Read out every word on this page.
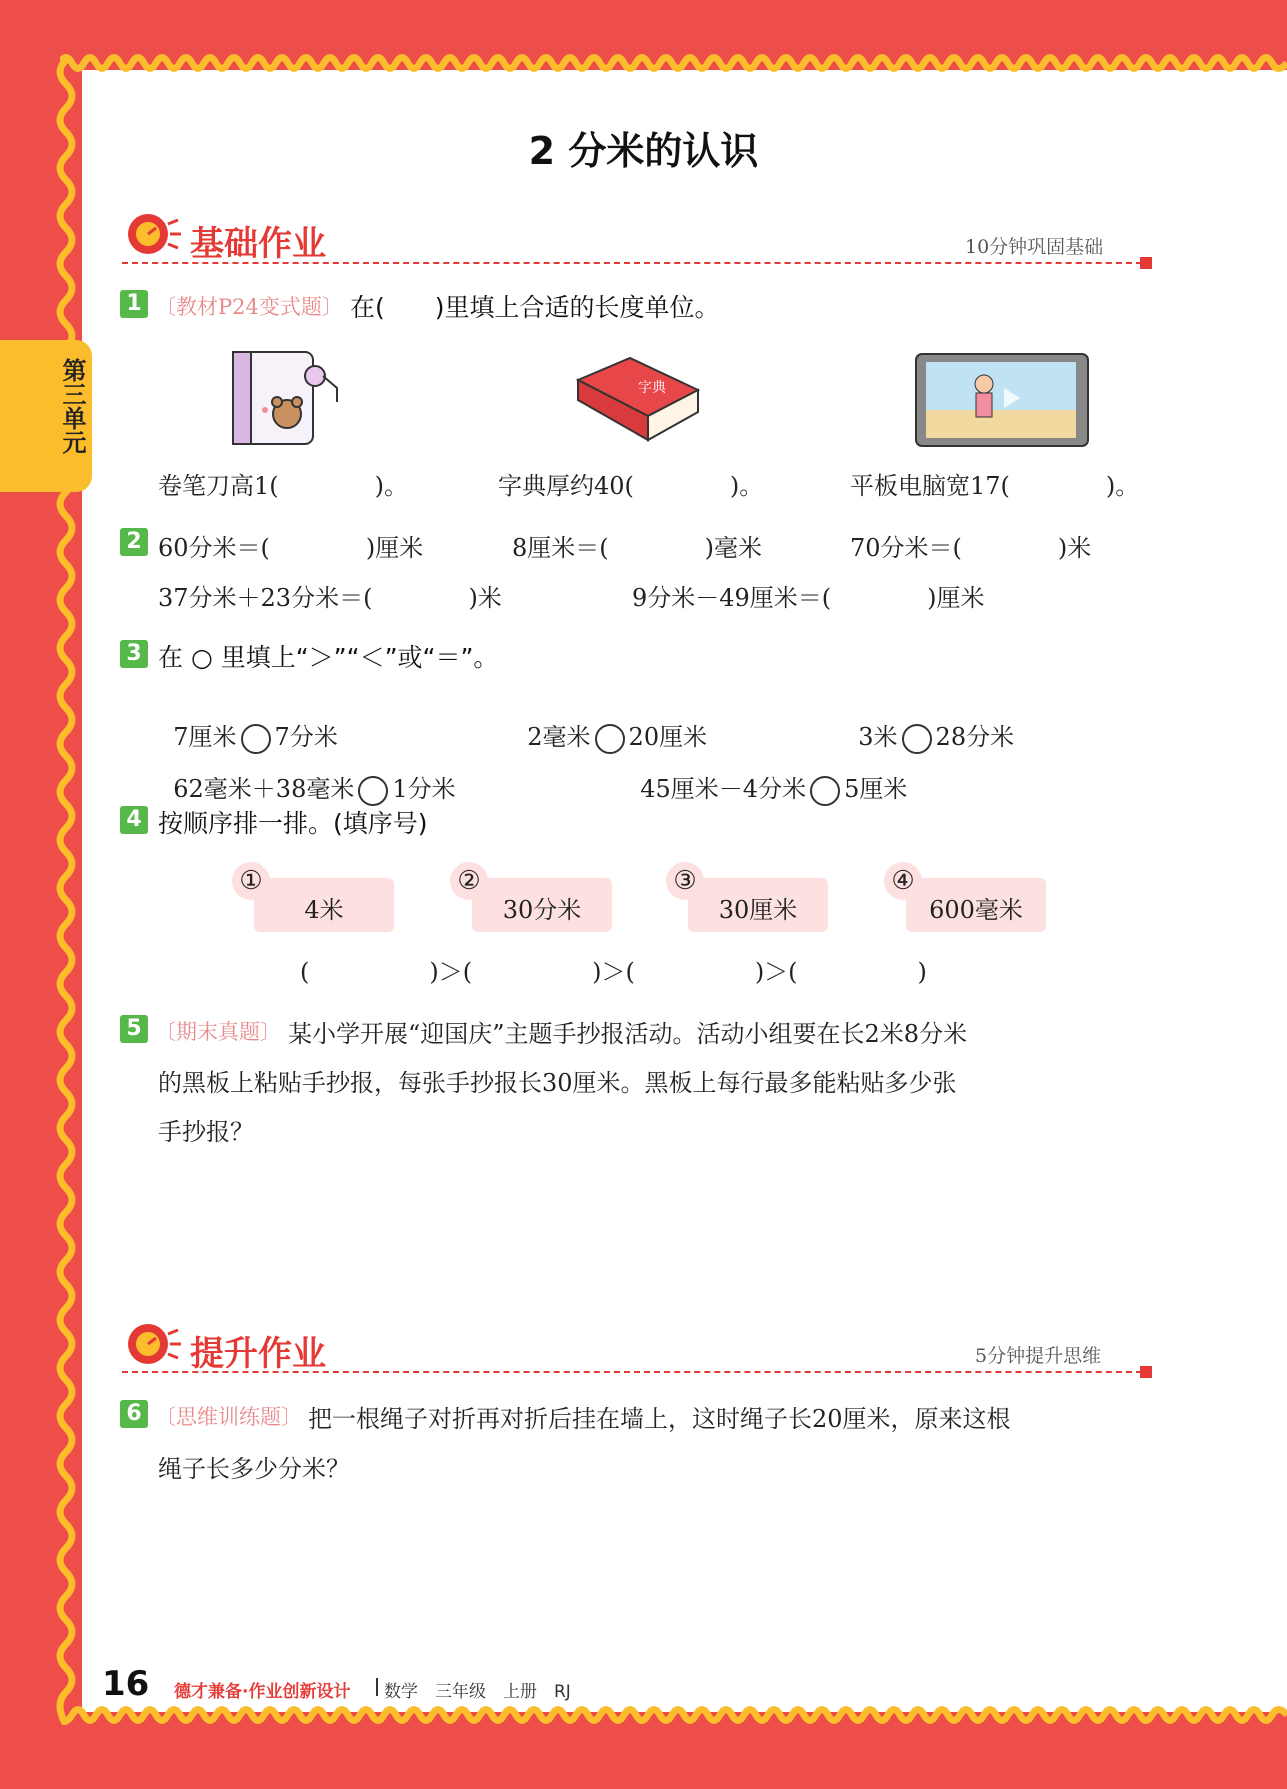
第三单元
2 分米的认识
基础作业	10分钟巩固基础
1 〔教材P24变式题〕 在(　　)里填上合适的长度单位。
字典
卷笔刀高1(　　　　)。	字典厚约40(　　　　)。	平板电脑宽17(　　　　)。
2 60分米＝(　　　　)厘米	8厘米＝(　　　　)毫米	70分米＝(　　　　)米
37分米＋23分米＝(　　　　)米	9分米－49厘米＝(　　　　)厘米
3 在 ○ 里填上“＞”“＜”或“＝”。

7厘米 7分米	2毫米 20厘米	3米 28分米

62毫米＋38毫米 1分米	45厘米－4分米 5厘米

4 按顺序排一排。(填序号)
①
4米
②
30分米
③
30厘米
④
600毫米
(　　　　　)＞(　　　　　)＞(　　　　　)＞(　　　　　)
5 〔期末真题〕 某小学开展“迎国庆”主题手抄报活动。活动小组要在长2米8分米
的黑板上粘贴手抄报，每张手抄报长30厘米。黑板上每行最多能粘贴多少张
手抄报？
提升作业	5分钟提升思维
6 〔思维训练题〕 把一根绳子对折再对折后挂在墙上，这时绳子长20厘米，原来这根
绳子长多少分米？
16 德才兼备·作业创新设计 数学　三年级　上册　RJ
